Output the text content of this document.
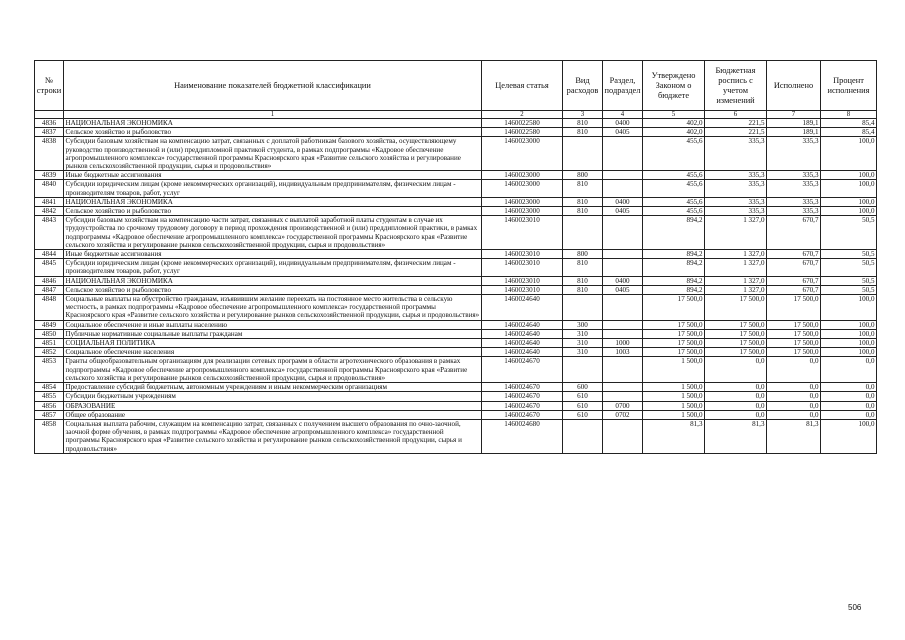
№ строки	Наименование показателей бюджетной классификации	Целевая статья	Вид расходов	Раздел, подраздел	Утверждено Законом о бюджете	Бюджетная роспись с учетом изменений	Исполнено	Процент исполнения
	1	2	3	4	5	6	7	8
4836	НАЦИОНАЛЬНАЯ ЭКОНОМИКА	1460022580	810	0400	402,0	221,5	189,1	85,4
4837	Сельское хозяйство и рыболовство	1460022580	810	0405	402,0	221,5	189,1	85,4
4838	Субсидии базовым хозяйствам на компенсацию затрат, связанных с доплатой работникам базового хозяйства, осуществляющему руководство производственной и (или) преддипломной практикой студента, в рамках подпрограммы «Кадровое обеспечение агропромышленного комплекса» государственной программы Красноярского края «Развитие сельского хозяйства и регулирование рынков сельскохозяйственной продукции, сырья и продовольствия»	1460023000			455,6	335,3	335,3	100,0
4839	Иные бюджетные ассигнования	1460023000	800		455,6	335,3	335,3	100,0
4840	Субсидии юридическим лицам (кроме некоммерческих организаций), индивидуальным предпринимателям, физическим лицам - производителям товаров, работ, услуг	1460023000	810		455,6	335,3	335,3	100,0
4841	НАЦИОНАЛЬНАЯ ЭКОНОМИКА	1460023000	810	0400	455,6	335,3	335,3	100,0
4842	Сельское хозяйство и рыболовство	1460023000	810	0405	455,6	335,3	335,3	100,0
4843	Субсидии базовым хозяйствам на компенсацию части затрат, связанных с выплатой заработной платы студентам в случае их трудоустройства по срочному трудовому договору в период прохождения производственной и (или) преддипломной практики, в рамках подпрограммы «Кадровое обеспечение агропромышленного комплекса» государственной программы Красноярского края «Развитие сельского хозяйства и регулирование рынков сельскохозяйственной продукции, сырья и продовольствия»	1460023010			894,2	1 327,0	670,7	50,5
4844	Иные бюджетные ассигнования	1460023010	800		894,2	1 327,0	670,7	50,5
4845	Субсидии юридическим лицам (кроме некоммерческих организаций), индивидуальным предпринимателям, физическим лицам - производителям товаров, работ, услуг	1460023010	810		894,2	1 327,0	670,7	50,5
4846	НАЦИОНАЛЬНАЯ ЭКОНОМИКА	1460023010	810	0400	894,2	1 327,0	670,7	50,5
4847	Сельское хозяйство и рыболовство	1460023010	810	0405	894,2	1 327,0	670,7	50,5
4848	Социальные выплаты на обустройство гражданам, изъявившим желание переехать на постоянное место жительства в сельскую местность, в рамках подпрограммы «Кадровое обеспечение агропромышленного комплекса» государственной программы Красноярского края «Развитие сельского хозяйства и регулирование рынков сельскохозяйственной продукции, сырья и продовольствия»	1460024640			17 500,0	17 500,0	17 500,0	100,0
4849	Социальное обеспечение и иные выплаты населению	1460024640	300		17 500,0	17 500,0	17 500,0	100,0
4850	Публичные нормативные социальные выплаты гражданам	1460024640	310		17 500,0	17 500,0	17 500,0	100,0
4851	СОЦИАЛЬНАЯ ПОЛИТИКА	1460024640	310	1000	17 500,0	17 500,0	17 500,0	100,0
4852	Социальное обеспечение населения	1460024640	310	1003	17 500,0	17 500,0	17 500,0	100,0
4853	Гранты общеобразовательным организациям для реализации сетевых программ в области агротехнического образования в рамках подпрограммы «Кадровое обеспечение агропромышленного комплекса» государственной программы Красноярского края «Развитие сельского хозяйства и регулирование рынков сельскохозяйственной продукции, сырья и продовольствия»	1460024670			1 500,0	0,0	0,0	0,0
4854	Предоставление субсидий бюджетным, автономным учреждениям и иным некоммерческим организациям	1460024670	600		1 500,0	0,0	0,0	0,0
4855	Субсидии бюджетным учреждениям	1460024670	610		1 500,0	0,0	0,0	0,0
4856	ОБРАЗОВАНИЕ	1460024670	610	0700	1 500,0	0,0	0,0	0,0
4857	Общее образование	1460024670	610	0702	1 500,0	0,0	0,0	0,0
4858	Социальная выплата рабочим, служащим на компенсацию затрат, связанных с получением высшего образования по очно-заочной, заочной форме обучения, в рамках подпрограммы «Кадровое обеспечение агропромышленного комплекса» государственной программы Красноярского края «Развитие сельского хозяйства и регулирование рынков сельскохозяйственной продукции, сырья и продовольствия»	1460024680			81,3	81,3	81,3	100,0
506
